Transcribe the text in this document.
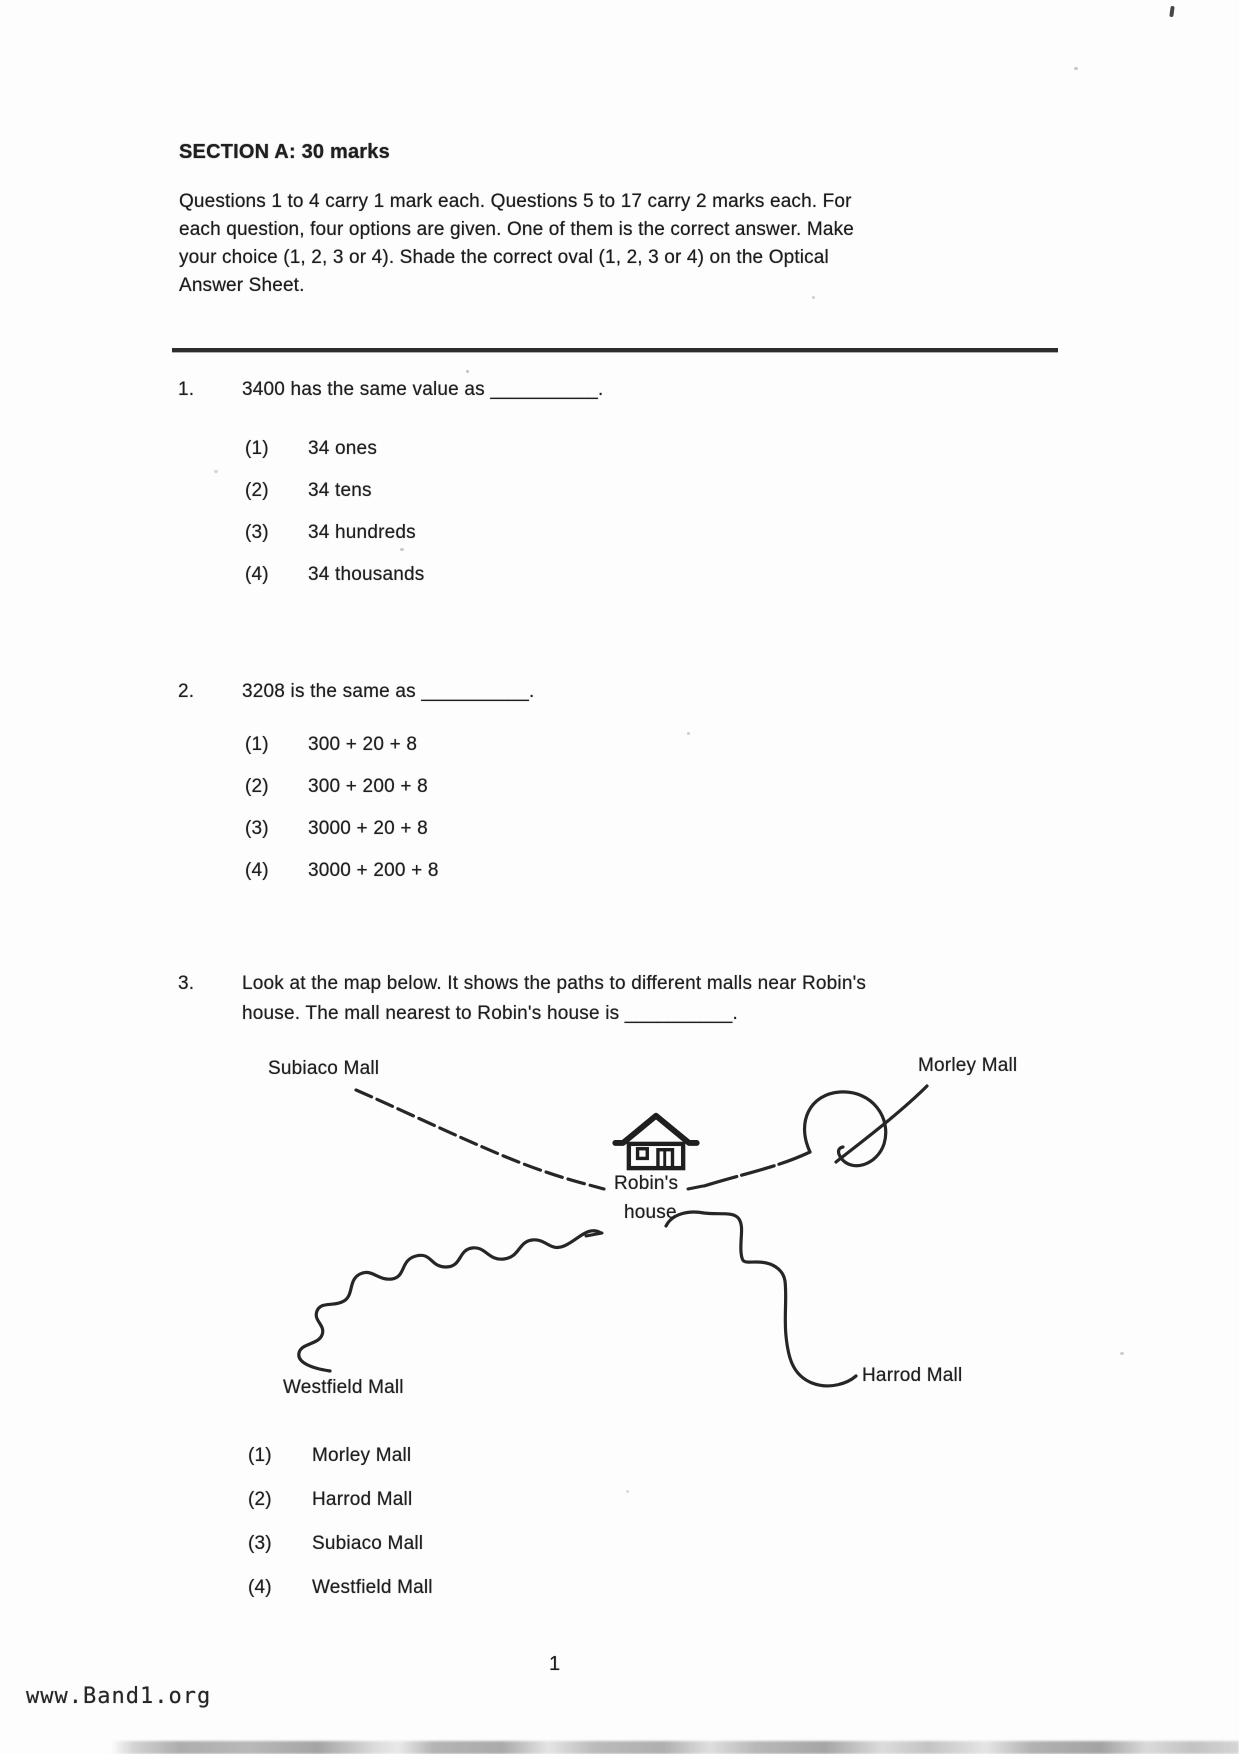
SECTION A: 30 marks
Questions 1 to 4 carry 1 mark each. Questions 5 to 17 carry 2 marks each. For
each question, four options are given. One of them is the correct answer. Make
your choice (1, 2, 3 or 4). Shade the correct oval (1, 2, 3 or 4) on the Optical
Answer Sheet.
1.	3400 has the same value as __________.
(1) 34 ones
(2) 34 tens
(3) 34 hundreds
(4) 34 thousands
2.	3208 is the same as __________.
(1) 300 + 20 + 8
(2) 300 + 200 + 8
(3) 3000 + 20 + 8
(4) 3000 + 200 + 8
3.	Look at the map below. It shows the paths to different malls near Robin's
house. The mall nearest to Robin's house is __________.
Subiaco Mall	Morley Mall
Robin's
house
Westfield Mall
Harrod Mall
(1) Morley Mall
(2) Harrod Mall
(3) Subiaco Mall
(4) Westfield Mall
1
www.Band1.org
